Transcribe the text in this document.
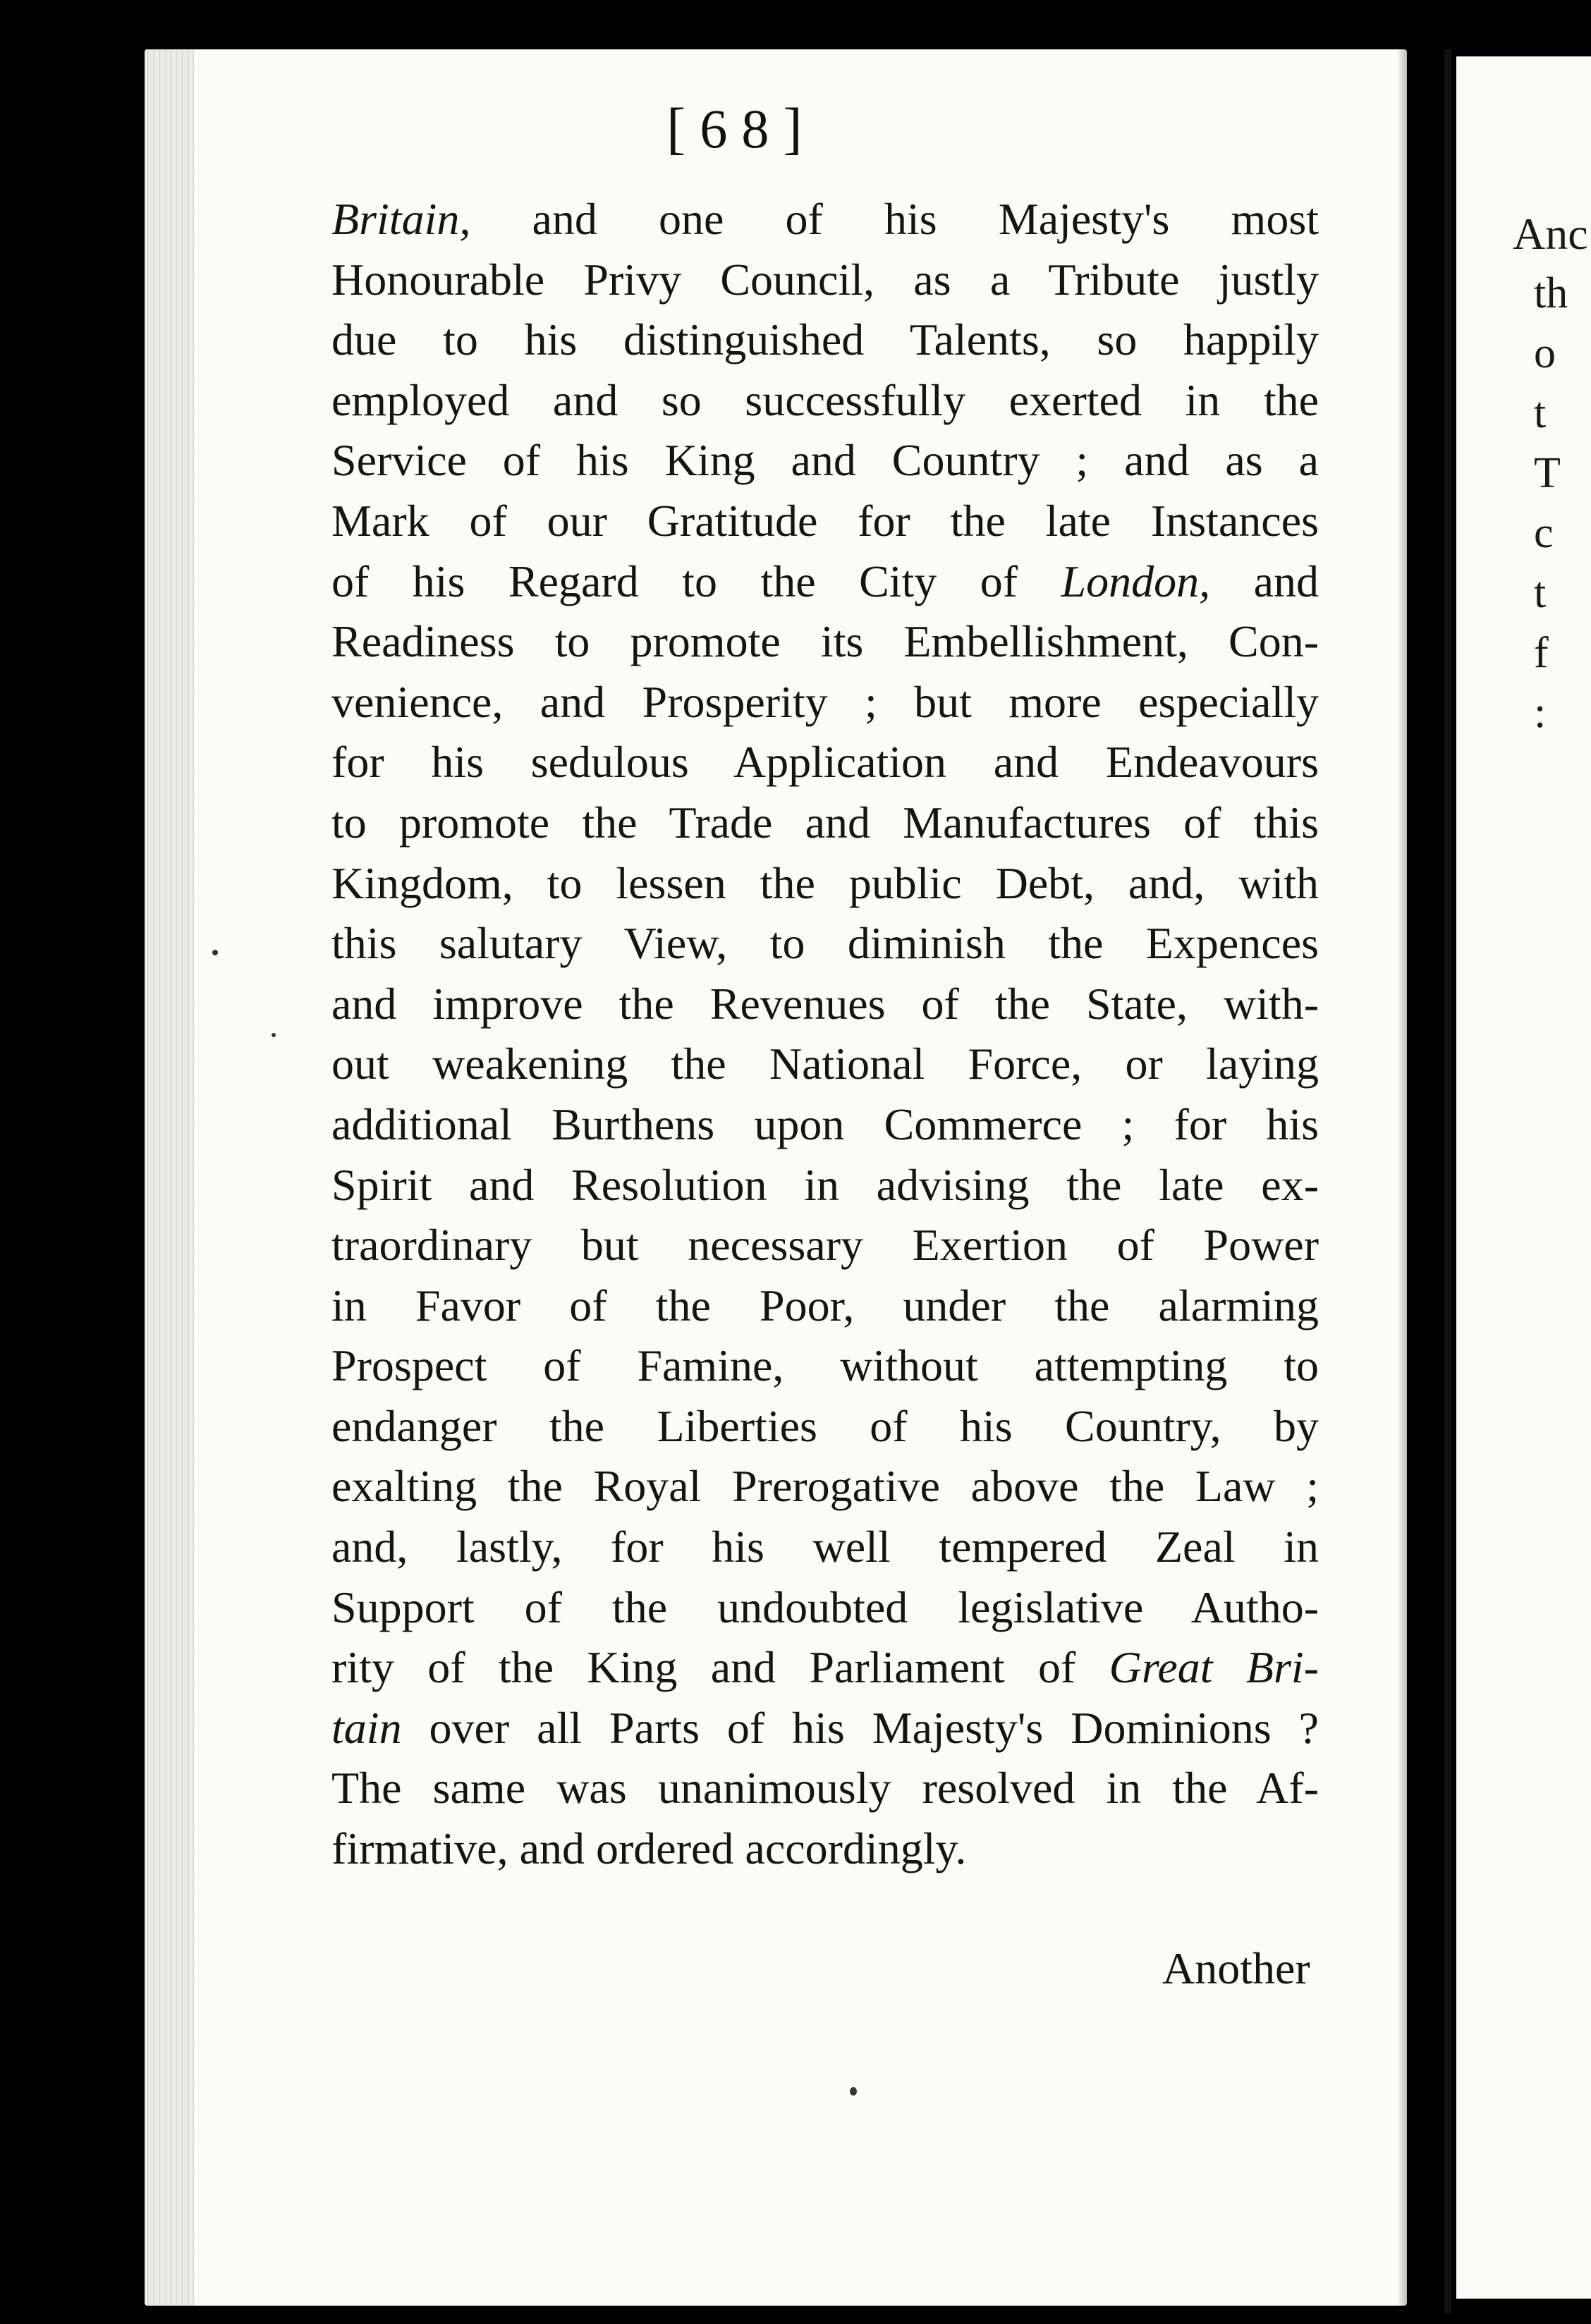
Anc
th
o
t
T
c
t
f
:
[68]
Britain, and one of his Majesty's most
Honourable Privy Council, as a Tribute justly
due to his distinguished Talents, so happily
employed and so successfully exerted in the
Service of his King and Country ; and as a
Mark of our Gratitude for the late Instances
of his Regard to the City of London, and
Readiness to promote its Embellishment, Con-
venience, and Prosperity ; but more especially
for his sedulous Application and Endeavours
to promote the Trade and Manufactures of this
Kingdom, to lessen the public Debt, and, with
this salutary View, to diminish the Expences
and improve the Revenues of the State, with-
out weakening the National Force, or laying
additional Burthens upon Commerce ; for his
Spirit and Resolution in advising the late ex-
traordinary but necessary Exertion of Power
in Favor of the Poor, under the alarming
Prospect of Famine, without attempting to
endanger the Liberties of his Country, by
exalting the Royal Prerogative above the Law ;
and, lastly, for his well tempered Zeal in
Support of the undoubted legislative Autho-
rity of the King and Parliament of Great Bri-
tain over all Parts of his Majesty's Dominions ?
The same was unanimously resolved in the Af-
firmative, and ordered accordingly.
Another
